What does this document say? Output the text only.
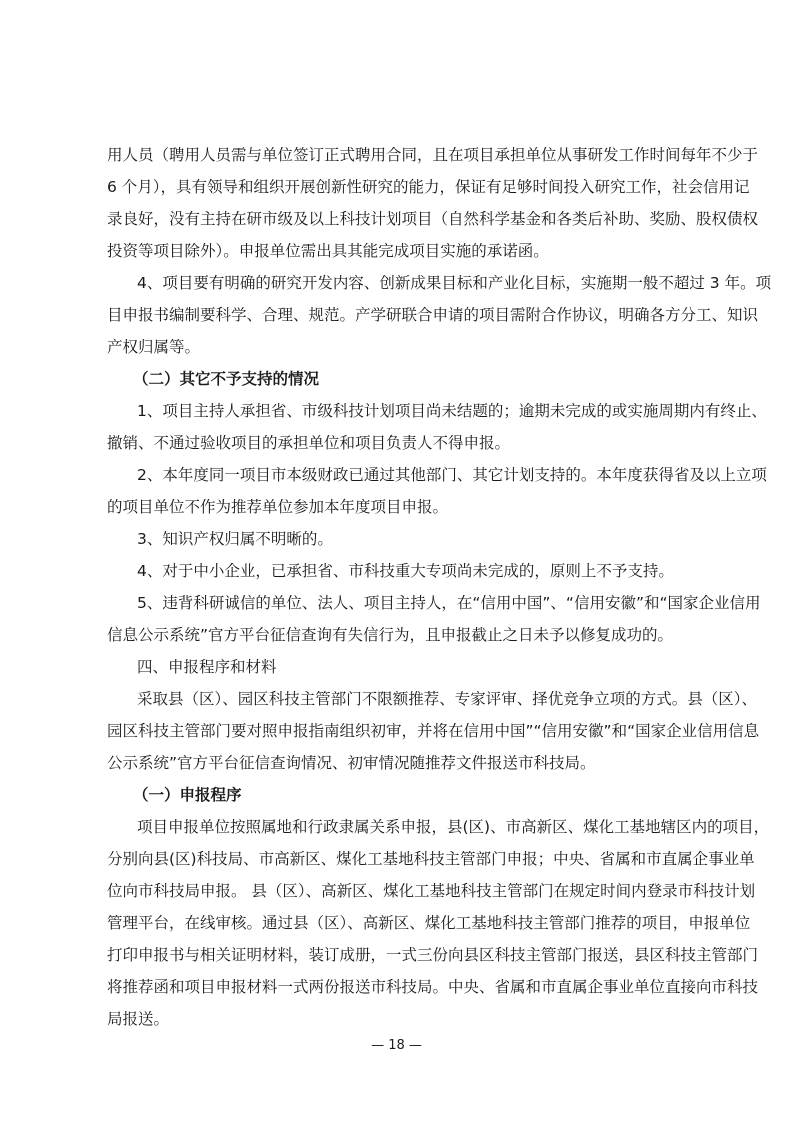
用人员（聘用人员需与单位签订正式聘用合同，且在项目承担单位从事研发工作时间每年不少于
6 个月），具有领导和组织开展创新性研究的能力，保证有足够时间投入研究工作，社会信用记
录良好，没有主持在研市级及以上科技计划项目（自然科学基金和各类后补助、奖励、股权债权
投资等项目除外）。申报单位需出具其能完成项目实施的承诺函。
4、项目要有明确的研究开发内容、创新成果目标和产业化目标，实施期一般不超过 3 年。项
目申报书编制要科学、合理、规范。产学研联合申请的项目需附合作协议，明确各方分工、知识
产权归属等。
（二）其它不予支持的情况
1、项目主持人承担省、市级科技计划项目尚未结题的；逾期未完成的或实施周期内有终止、
撤销、不通过验收项目的承担单位和项目负责人不得申报。
2、本年度同一项目市本级财政已通过其他部门、其它计划支持的。本年度获得省及以上立项
的项目单位不作为推荐单位参加本年度项目申报。
3、知识产权归属不明晰的。
4、对于中小企业，已承担省、市科技重大专项尚未完成的，原则上不予支持。
5、违背科研诚信的单位、法人、项目主持人，在“信用中国”、“信用安徽”和“国家企业信用
信息公示系统”官方平台征信查询有失信行为，且申报截止之日未予以修复成功的。
四、申报程序和材料
采取县（区）、园区科技主管部门不限额推荐、专家评审、择优竞争立项的方式。县（区）、
园区科技主管部门要对照申报指南组织初审，并将在信用中国”“信用安徽”和“国家企业信用信息
公示系统”官方平台征信查询情况、初审情况随推荐文件报送市科技局。
（一）申报程序
项目申报单位按照属地和行政隶属关系申报，县(区)、市高新区、煤化工基地辖区内的项目，
分别向县(区)科技局、市高新区、煤化工基地科技主管部门申报；中央、省属和市直属企事业单
位向市科技局申报。 县（区）、高新区、煤化工基地科技主管部门在规定时间内登录市科技计划
管理平台，在线审核。通过县（区）、高新区、煤化工基地科技主管部门推荐的项目，申报单位
打印申报书与相关证明材料，装订成册，一式三份向县区科技主管部门报送，县区科技主管部门
将推荐函和项目申报材料一式两份报送市科技局。中央、省属和市直属企事业单位直接向市科技
局报送。
— 18 —
